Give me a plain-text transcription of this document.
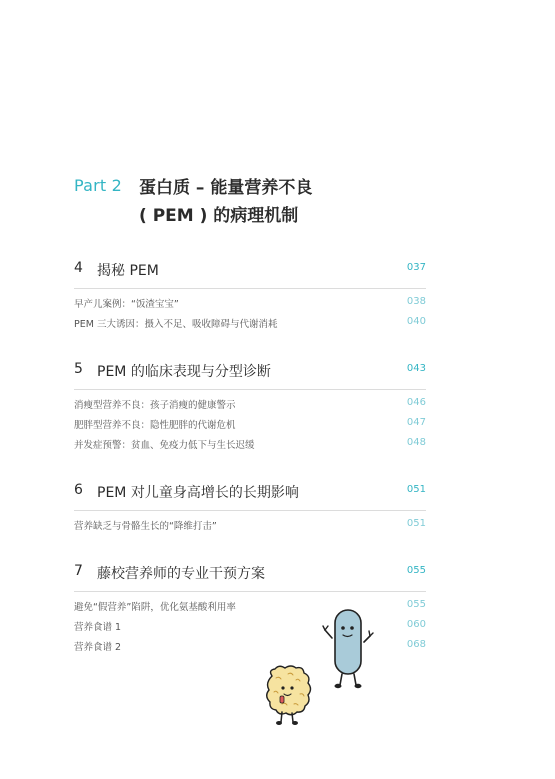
Part 2 蛋白质 – 能量营养不良
( PEM ) 的病理机制
4 揭秘 PEM	037
早产儿案例：“饭渣宝宝”	038
PEM 三大诱因：摄入不足、吸收障碍与代谢消耗	040
5 PEM 的临床表现与分型诊断	043
消瘦型营养不良：孩子消瘦的健康警示	046
肥胖型营养不良：隐性肥胖的代谢危机	047
并发症预警：贫血、免疫力低下与生长迟缓	048
6 PEM 对儿童身高增长的长期影响	051
营养缺乏与骨骼生长的“降维打击”	051
7 藤校营养师的专业干预方案	055
避免“假营养”陷阱，优化氨基酸利用率	055
营养食谱 1	060
营养食谱 2	068
